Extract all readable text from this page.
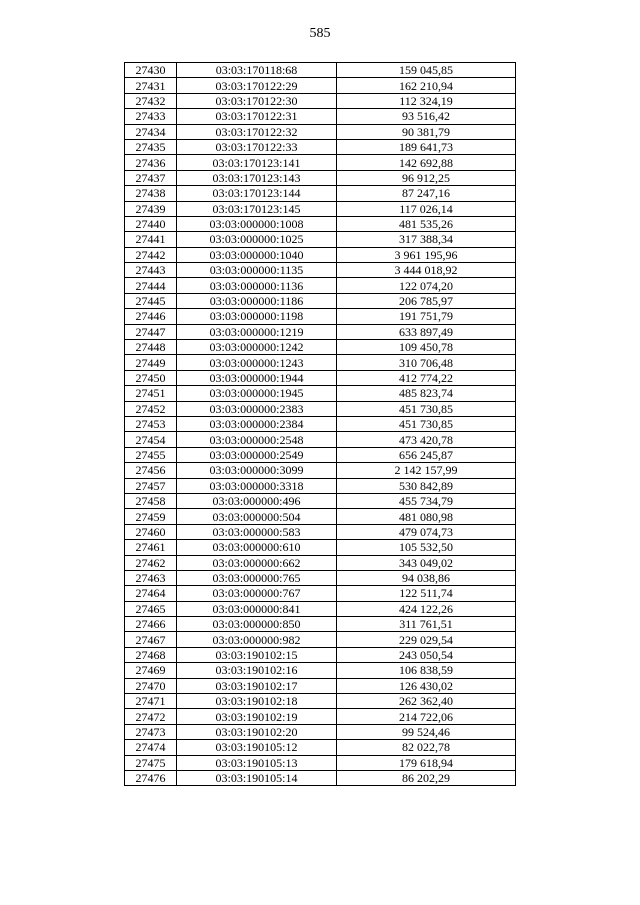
585
27430	03:03:170118:68	159 045,85
27431	03:03:170122:29	162 210,94
27432	03:03:170122:30	112 324,19
27433	03:03:170122:31	93 516,42
27434	03:03:170122:32	90 381,79
27435	03:03:170122:33	189 641,73
27436	03:03:170123:141	142 692,88
27437	03:03:170123:143	96 912,25
27438	03:03:170123:144	87 247,16
27439	03:03:170123:145	117 026,14
27440	03:03:000000:1008	481 535,26
27441	03:03:000000:1025	317 388,34
27442	03:03:000000:1040	3 961 195,96
27443	03:03:000000:1135	3 444 018,92
27444	03:03:000000:1136	122 074,20
27445	03:03:000000:1186	206 785,97
27446	03:03:000000:1198	191 751,79
27447	03:03:000000:1219	633 897,49
27448	03:03:000000:1242	109 450,78
27449	03:03:000000:1243	310 706,48
27450	03:03:000000:1944	412 774,22
27451	03:03:000000:1945	485 823,74
27452	03:03:000000:2383	451 730,85
27453	03:03:000000:2384	451 730,85
27454	03:03:000000:2548	473 420,78
27455	03:03:000000:2549	656 245,87
27456	03:03:000000:3099	2 142 157,99
27457	03:03:000000:3318	530 842,89
27458	03:03:000000:496	455 734,79
27459	03:03:000000:504	481 080,98
27460	03:03:000000:583	479 074,73
27461	03:03:000000:610	105 532,50
27462	03:03:000000:662	343 049,02
27463	03:03:000000:765	94 038,86
27464	03:03:000000:767	122 511,74
27465	03:03:000000:841	424 122,26
27466	03:03:000000:850	311 761,51
27467	03:03:000000:982	229 029,54
27468	03:03:190102:15	243 050,54
27469	03:03:190102:16	106 838,59
27470	03:03:190102:17	126 430,02
27471	03:03:190102:18	262 362,40
27472	03:03:190102:19	214 722,06
27473	03:03:190102:20	99 524,46
27474	03:03:190105:12	82 022,78
27475	03:03:190105:13	179 618,94
27476	03:03:190105:14	86 202,29
